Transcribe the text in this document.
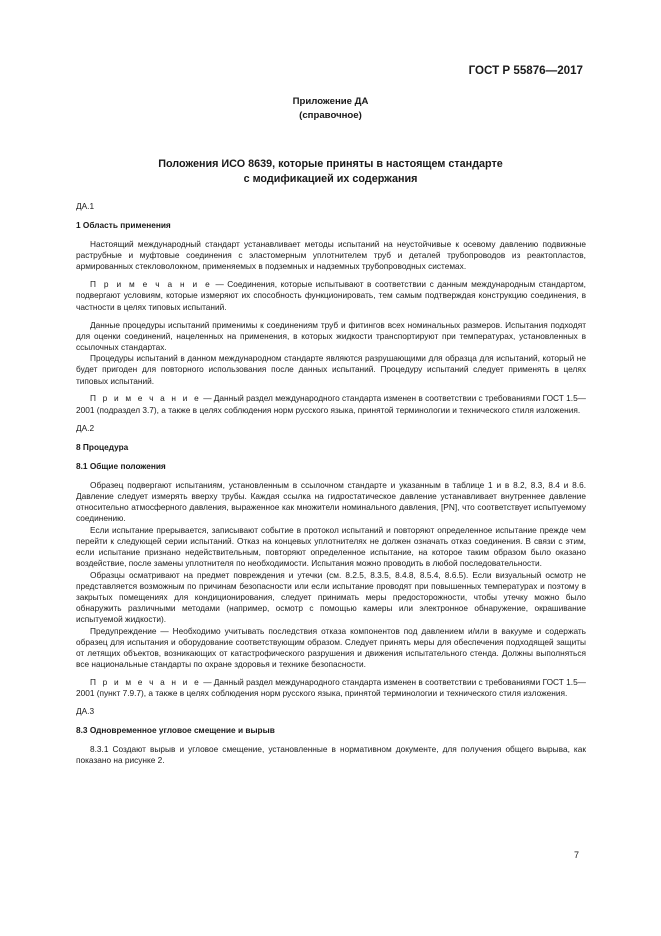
ГОСТ Р 55876—2017
Приложение ДА
(справочное)
Положения ИСО 8639, которые приняты в настоящем стандарте
с модификацией их содержания

ДА.1

1 Область применения

Настоящий международный стандарт устанавливает методы испытаний на неустойчивые к осевому давлению подвижные раструбные и муфтовые соединения с эластомерным уплотнителем труб и деталей трубопроводов из реактопластов, армированных стекловолокном, применяемых в подземных и надземных трубопроводных системах.

П р и м е ч а н и е — Соединения, которые испытывают в соответствии с данным международным стандартом, подвергают условиям, которые измеряют их способность функционировать, тем самым подтверждая конструкцию соединения, в частности в целях типовых испытаний.

Данные процедуры испытаний применимы к соединениям труб и фитингов всех номинальных размеров. Испытания подходят для оценки соединений, нацеленных на применения, в которых жидкости транспортируют при температурах, установленных в ссылочных стандартах.

Процедуры испытаний в данном международном стандарте являются разрушающими для образца для испытаний, который не будет пригоден для повторного использования после данных испытаний. Процедуру испытаний следует применять в целях типовых испытаний.

П р и м е ч а н и е — Данный раздел международного стандарта изменен в соответствии с требованиями ГОСТ 1.5—2001 (подраздел 3.7), а также в целях соблюдения норм русского языка, принятой терминологии и технического стиля изложения.

ДА.2

8 Процедура

8.1 Общие положения

Образец подвергают испытаниям, установленным в ссылочном стандарте и указанным в таблице 1 и в 8.2, 8.3, 8.4 и 8.6. Давление следует измерять вверху трубы. Каждая ссылка на гидростатическое давление устанавливает внутреннее давление относительно атмосферного давления, выраженное как множители номинального давления, [PN], что соответствует испытуемому соединению.

Если испытание прерывается, записывают событие в протокол испытаний и повторяют определенное испытание прежде чем перейти к следующей серии испытаний. Отказ на концевых уплотнителях не должен означать отказ соединения. В связи с этим, если испытание признано недействительным, повторяют определенное испытание, на которое таким образом было оказано воздействие, после замены уплотнителя по необходимости. Испытания можно проводить в любой последовательности.

Образцы осматривают на предмет повреждения и утечки (см. 8.2.5, 8.3.5, 8.4.8, 8.5.4, 8.6.5). Если визуальный осмотр не представляется возможным по причинам безопасности или если испытание проводят при повышенных температурах и поэтому в закрытых помещениях для кондиционирования, следует принимать меры предосторожности, чтобы утечку можно было обнаружить различными методами (например, осмотр с помощью камеры или электронное обнаружение, окрашивание испытуемой жидкости).

Предупреждение — Необходимо учитывать последствия отказа компонентов под давлением и/или в вакууме и содержать образец для испытания и оборудование соответствующим образом. Следует принять меры для обеспечения подходящей защиты от летящих объектов, возникающих от катастрофического разрушения и движения испытательного стенда. Должны выполняться все национальные стандарты по охране здоровья и технике безопасности.

П р и м е ч а н и е — Данный раздел международного стандарта изменен в соответствии с требованиями ГОСТ 1.5—2001 (пункт 7.9.7), а также в целях соблюдения норм русского языка, принятой терминологии и технического стиля изложения.

ДА.3

8.3 Одновременное угловое смещение и вырыв

8.3.1 Создают вырыв и угловое смещение, установленные в нормативном документе, для получения общего вырыва, как показано на рисунке 2.

7
